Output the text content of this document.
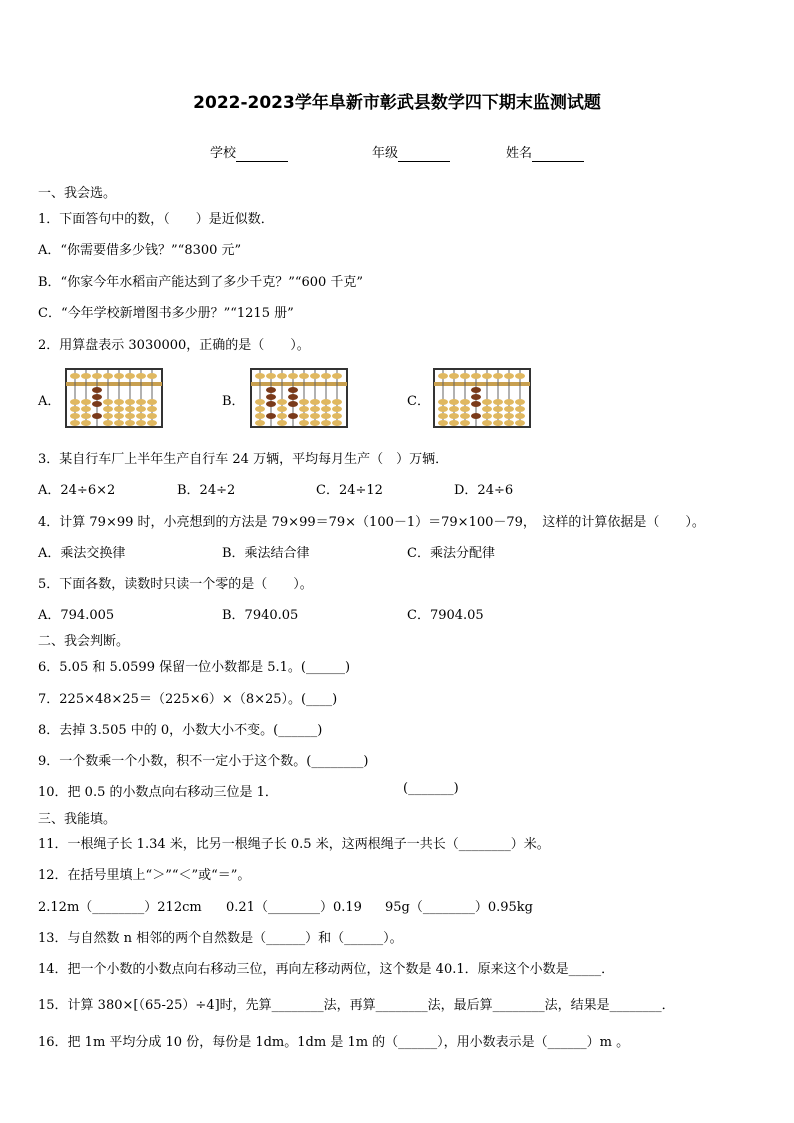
2022-2023学年阜新市彰武县数学四下期末监测试题
学校	年级	姓名
一、我会选。
1．下面答句中的数，（　　）是近似数．
A．“你需要借多少钱？”“8300 元”
B．“你家今年水稻亩产能达到了多少千克？”“600 千克”
C．“今年学校新增图书多少册？”“1215 册”
2．用算盘表示 3030000，正确的是（　　）。
A．	B．	C．
3．某自行车厂上半年生产自行车 24 万辆，平均每月生产（　）万辆．
A．24÷6×2	B．24÷2	C．24÷12	D．24÷6
4．计算 79×99 时，小亮想到的方法是 79×99＝79×（100－1）＝79×100－79，　这样的计算依据是（　　）。
A．乘法交换律	B．乘法结合律	C．乘法分配律
5．下面各数，读数时只读一个零的是（　　）。
A．794.005	B．7940.05	C．7904.05
二、我会判断。
6．5.05 和 5.0599 保留一位小数都是 5.1。(______)
7．225×48×25＝（225×6）×（8×25）。(____)
8．去掉 3.505 中的 0，小数大小不变。(______)
9．一个数乘一个小数，积不一定小于这个数。(________)
10．把 0.5 的小数点向右移动三位是 1．	(_______)
三、我能填。
11．一根绳子长 1.34 米，比另一根绳子长 0.5 米，这两根绳子一共长（________）米。
12．在括号里填上“＞”“＜”或“＝”。
2.12m（________）212cm 0.21（________）0.19 95g（________）0.95kg
13．与自然数 n 相邻的两个自然数是（______）和（______）。
14．把一个小数的小数点向右移动三位，再向左移动两位，这个数是 40.1．原来这个小数是_____．
15．计算 380×[（65-25）÷4]时，先算________法，再算________法，最后算________法，结果是________．
16．把 1m 平均分成 10 份，每份是 1dm。1dm 是 1m 的（______），用小数表示是（______）m 。
